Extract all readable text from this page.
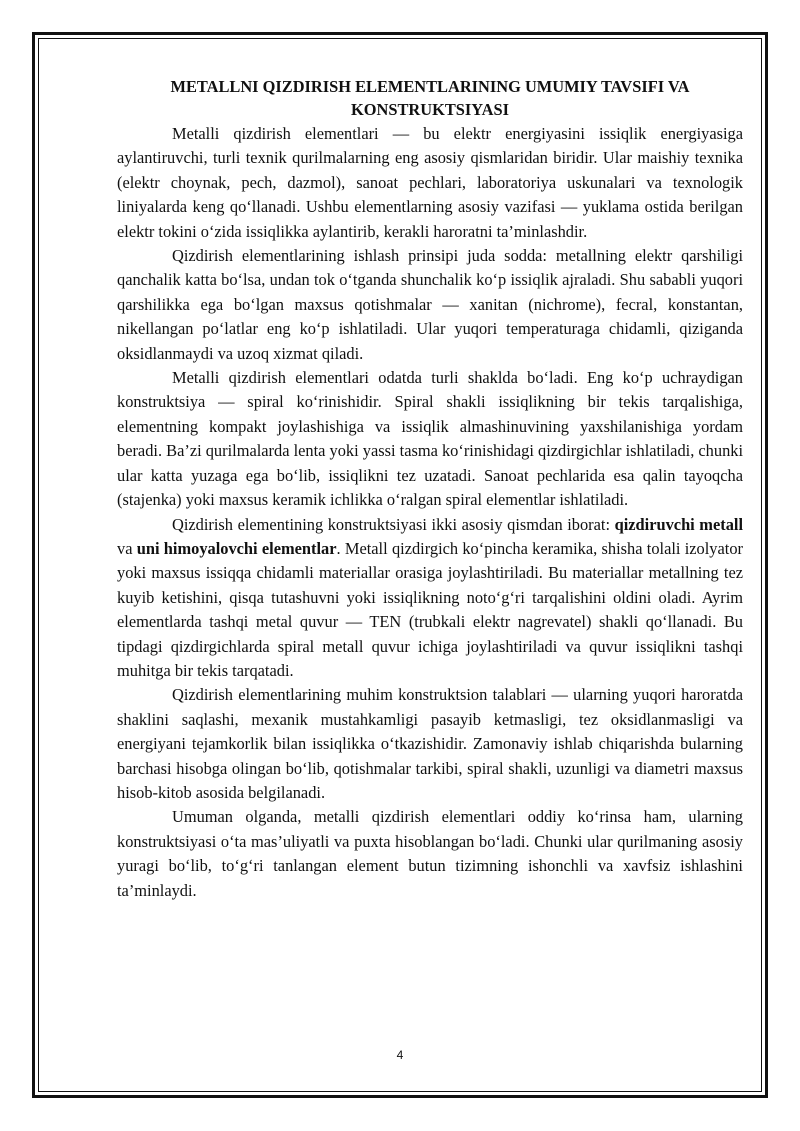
METALLNI QIZDIRISH ELEMENTLARINING UMUMIY TAVSIFI VA KONSTRUKTSIYASI

Metalli qizdirish elementlari — bu elektr energiyasini issiqlik energiyasiga aylantiruvchi, turli texnik qurilmalarning eng asosiy qismlaridan biridir. Ular maishiy texnika (elektr choynak, pech, dazmol), sanoat pechlari, laboratoriya uskunalari va texnologik liniyalarda keng qo‘llanadi. Ushbu elementlarning asosiy vazifasi — yuklama ostida berilgan elektr tokini o‘zida issiqlikka aylantirib, kerakli haroratni ta’minlashdir.

Qizdirish elementlarining ishlash prinsipi juda sodda: metallning elektr qarshiligi qanchalik katta bo‘lsa, undan tok o‘tganda shunchalik ko‘p issiqlik ajraladi. Shu sababli yuqori qarshilikka ega bo‘lgan maxsus qotishmalar — xanitan (nichrome), fecral, konstantan, nikellangan po‘latlar eng ko‘p ishlatiladi. Ular yuqori temperaturaga chidamli, qiziganda oksidlanmaydi va uzoq xizmat qiladi.

Metalli qizdirish elementlari odatda turli shaklda bo‘ladi. Eng ko‘p uchraydigan konstruktsiya — spiral ko‘rinishidir. Spiral shakli issiqlikning bir tekis tarqalishiga, elementning kompakt joylashishiga va issiqlik almashinuvining yaxshilanishiga yordam beradi. Ba’zi qurilmalarda lenta yoki yassi tasma ko‘rinishidagi qizdirgichlar ishlatiladi, chunki ular katta yuzaga ega bo‘lib, issiqlikni tez uzatadi. Sanoat pechlarida esa qalin tayoqcha (stajenka) yoki maxsus keramik ichlikka o‘ralgan spiral elementlar ishlatiladi.

Qizdirish elementining konstruktsiyasi ikki asosiy qismdan iborat: qizdiruvchi metall va uni himoyalovchi elementlar. Metall qizdirgich ko‘pincha keramika, shisha tolali izolyator yoki maxsus issiqqa chidamli materiallar orasiga joylashtiriladi. Bu materiallar metallning tez kuyib ketishini, qisqa tutashuvni yoki issiqlikning noto‘g‘ri tarqalishini oldini oladi. Ayrim elementlarda tashqi metal quvur — TEN (trubkali elektr nagrevatel) shakli qo‘llanadi. Bu tipdagi qizdirgichlarda spiral metall quvur ichiga joylashtiriladi va quvur issiqlikni tashqi muhitga bir tekis tarqatadi.

Qizdirish elementlarining muhim konstruktsion talablari — ularning yuqori haroratda shaklini saqlashi, mexanik mustahkamligi pasayib ketmasligi, tez oksidlanmasligi va energiyani tejamkorlik bilan issiqlikka o‘tkazishidir. Zamonaviy ishlab chiqarishda bularning barchasi hisobga olingan bo‘lib, qotishmalar tarkibi, spiral shakli, uzunligi va diametri maxsus hisob-kitob asosida belgilanadi.

Umuman olganda, metalli qizdirish elementlari oddiy ko‘rinsa ham, ularning konstruktsiyasi o‘ta mas’uliyatli va puxta hisoblangan bo‘ladi. Chunki ular qurilmaning asosiy yuragi bo‘lib, to‘g‘ri tanlangan element butun tizimning ishonchli va xavfsiz ishlashini ta’minlaydi.

4
